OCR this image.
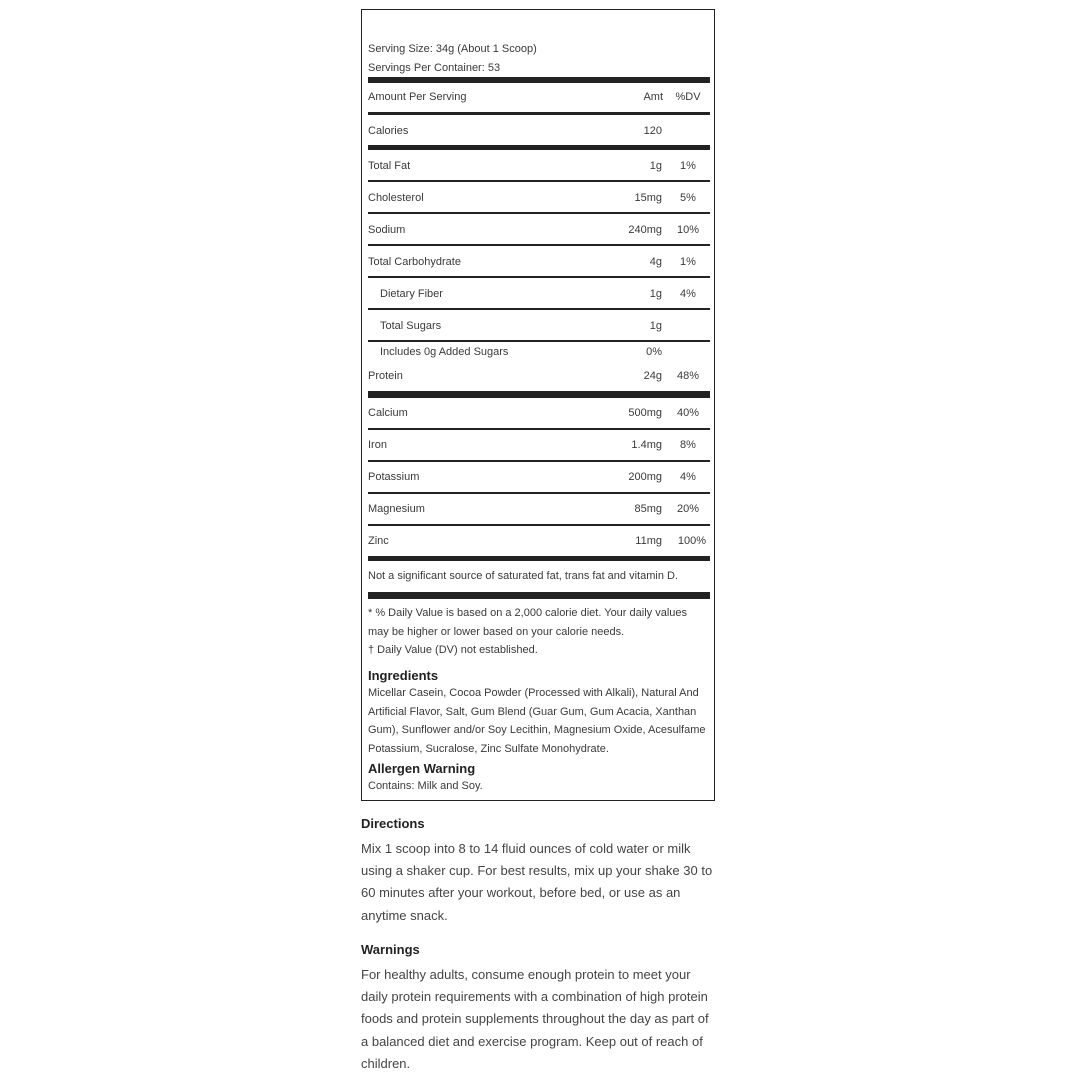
Serving Size: 34g (About 1 Scoop)
Servings Per Container: 53
Amount Per Serving	Amt	%DV
Calories	120
Total Fat	1g	1%
Cholesterol	15mg	5%
Sodium	240mg	10%
Total Carbohydrate	4g	1%
Dietary Fiber	1g	4%
Total Sugars	1g
Includes 0g Added Sugars	0%
Protein	24g	48%
Calcium	500mg	40%
Iron	1.4mg	8%
Potassium	200mg	4%
Magnesium	85mg	20%
Zinc	11mg	100%
Not a significant source of saturated fat, trans fat and vitamin D.
* % Daily Value is based on a 2,000 calorie diet. Your daily values may be higher or lower based on your calorie needs.
† Daily Value (DV) not established.
Ingredients
Micellar Casein, Cocoa Powder (Processed with Alkali), Natural And Artificial Flavor, Salt, Gum Blend (Guar Gum, Gum Acacia, Xanthan Gum), Sunflower and/or Soy Lecithin, Magnesium Oxide, Acesulfame Potassium, Sucralose, Zinc Sulfate Monohydrate.
Allergen Warning
Contains: Milk and Soy.
Directions
Mix 1 scoop into 8 to 14 fluid ounces of cold water or milk using a shaker cup. For best results, mix up your shake 30 to 60 minutes after your workout, before bed, or use as an anytime snack.
Warnings
For healthy adults, consume enough protein to meet your daily protein requirements with a combination of high protein foods and protein supplements throughout the day as part of a balanced diet and exercise program. Keep out of reach of children.
